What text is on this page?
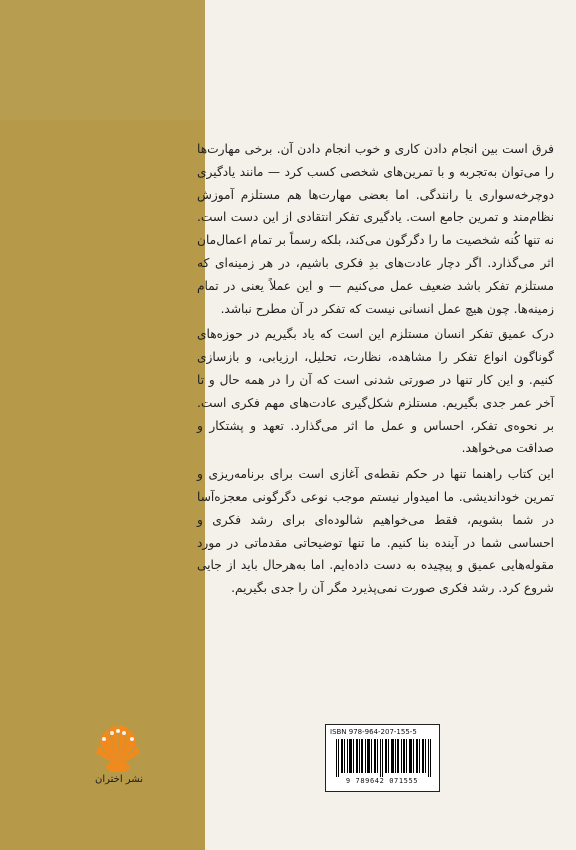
فرق است بین انجام دادن کاری و خوب انجام دادن آن. برخی مهارت‌ها را می‌توان به‌تجربه و با تمرین‌های شخصی کسب کرد — مانند یادگیری دوچرخه‌سواری یا رانندگی. اما بعضی مهارت‌ها هم مستلزم آموزش نظام‌مند و تمرین جامع است. یادگیری تفکر انتقادی از این دست است. نه تنها کُنه شخصیت ما را دگرگون می‌کند، بلکه رسماً بر تمام اعمال‌مان اثر می‌گذارد. اگر دچار عادت‌های بدِ فکری باشیم، در هر زمینه‌ای که مستلزم تفکر باشد ضعیف عمل می‌کنیم — و این عملاً یعنی در تمام زمینه‌ها. چون هیچ عمل انسانی نیست که تفکر در آن مطرح نباشد.

درک عمیق تفکر انسان مستلزم این است که یاد بگیریم در حوزه‌های گوناگون انواع تفکر را مشاهده، نظارت، تحلیل، ارزیابی، و بازسازی کنیم. و این کار تنها در صورتی شدنی است که آن را در همه حال و تا آخر عمر جدی بگیریم. مستلزم شکل‌گیری عادت‌های مهم فکری است. بر نحوه‌ی تفکر، احساس و عمل ما اثر می‌گذارد. تعهد و پشتکار و صداقت می‌خواهد.

این کتاب راهنما تنها در حکم نقطه‌ی آغازی است برای برنامه‌ریزی و تمرین خوداندیشی. ما امیدوار نیستم موجب نوعی دگرگونی معجزه‌آسا در شما بشویم، فقط می‌خواهیم شالوده‌ای برای رشد فکری و احساسی شما در آینده بنا کنیم. ما تنها توضیحاتی مقدماتی در مورد مقوله‌هایی عمیق و پیچیده به دست داده‌ایم. اما به‌هرحال باید از جایی شروع کرد. رشد فکری صورت نمی‌پذیرد مگر آن را جدی بگیریم.

نشر اختران
ISBN 978-964-207-155-5
9 789642 071555
